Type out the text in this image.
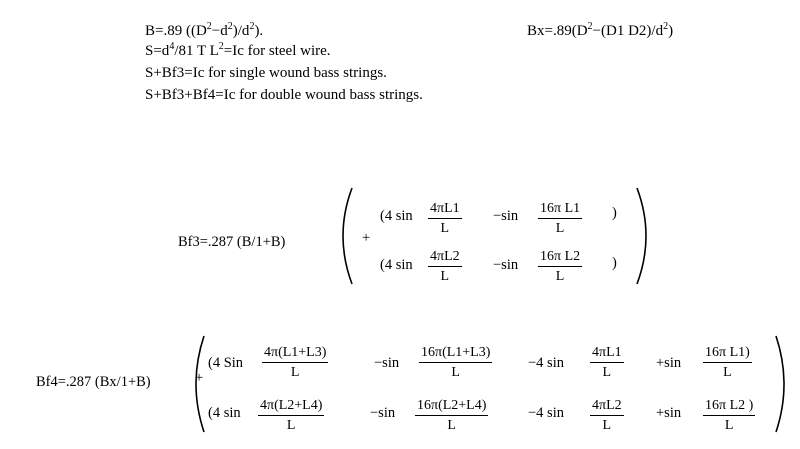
B=.89 $((D^2-d^2)/d^2)$.	$Bx=.89(D^2-(D1$ $D2)/d^2$)
$S=d^4/81$ T $L^2=Ic$ for steel wire.
S+Bf3=Ic for single wound bass strings.
S+Bf3+Bf4=Ic for double wound bass strings.
Bf3=.287 (B/1+B)	+
(4 $\sin \frac{4\pi L1}{L} -\sin \frac{\text{16π L1}}{L}$ )
(4 $\sin \frac{4\pi L2}{L} -\sin \frac{\text{16π L2}}{L}$ )
Bf4=.287 (Bx/1+B)	+
(4 Sin $\frac{4\pi(L1+L3)}{L}$	$-\sin \frac{16\pi(L1+L3)}{L} -4$ $\sin \frac{4\pi L1}{L} +\sin \frac{\text{16π L1)}}{L}$
(4 $\sin \frac{4\pi(L2+L4)}{L}$	$-\sin \frac{16\pi(L2+L4)}{L}$	−4 $\sin \frac{4\pi L2}{L} +\sin \frac{\text{16π L2 )}}{L}$
